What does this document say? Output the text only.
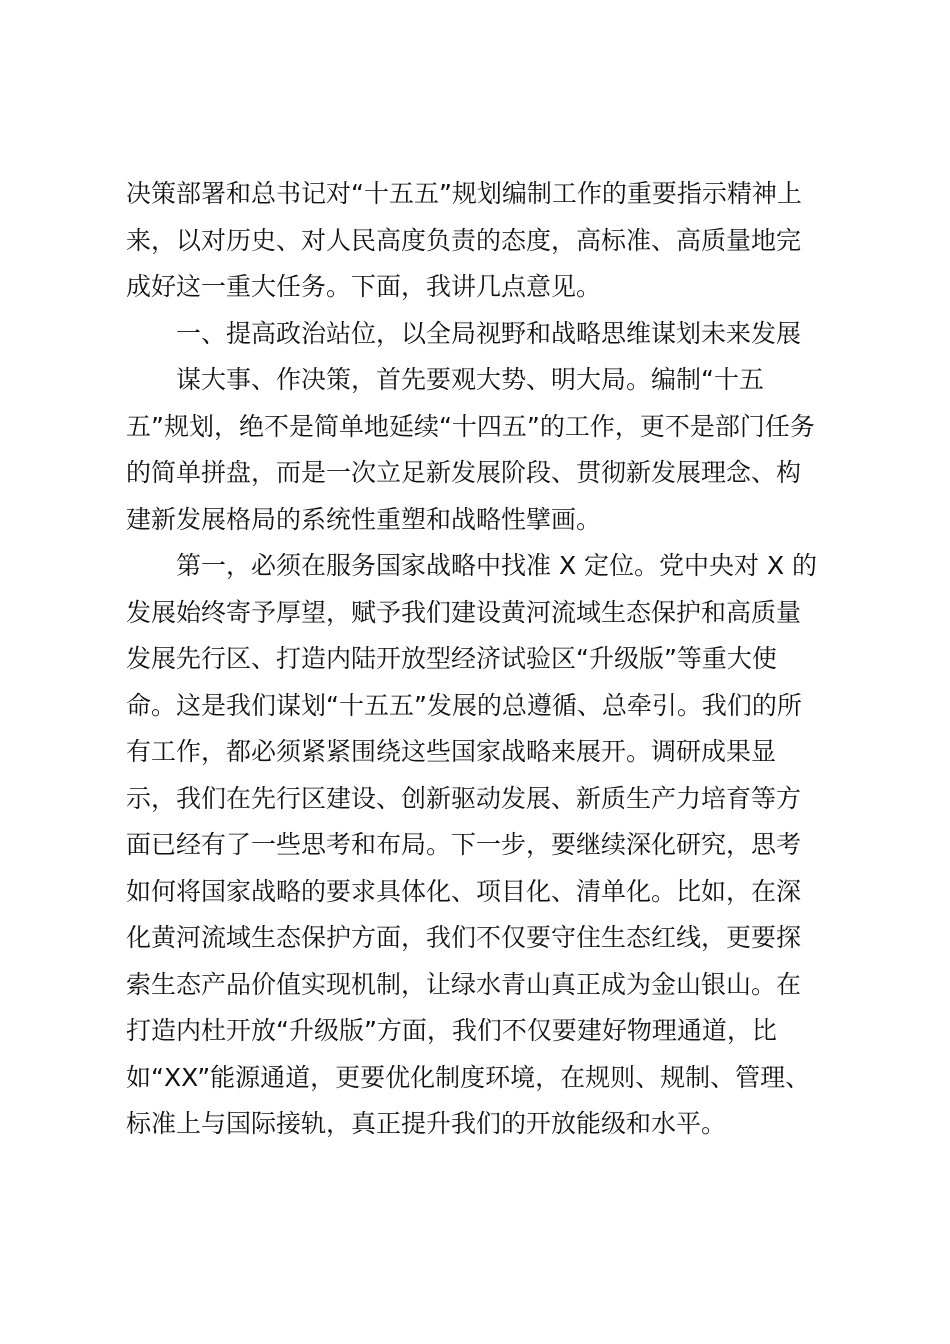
决策部署和总书记对“十五五”规划编制工作的重要指示精神上
来，以对历史、对人民高度负责的态度，高标准、高质量地完
成好这一重大任务。下面，我讲几点意见。
一、提高政治站位，以全局视野和战略思维谋划未来发展
谋大事、作决策，首先要观大势、明大局。编制“十五
五”规划，绝不是简单地延续“十四五”的工作，更不是部门任务
的简单拼盘，而是一次立足新发展阶段、贯彻新发展理念、构
建新发展格局的系统性重塑和战略性擘画。
第一，必须在服务国家战略中找准 X 定位。党中央对 X 的
发展始终寄予厚望，赋予我们建设黄河流域生态保护和高质量
发展先行区、打造内陆开放型经济试验区“升级版”等重大使
命。这是我们谋划“十五五”发展的总遵循、总牵引。我们的所
有工作，都必须紧紧围绕这些国家战略来展开。调研成果显
示，我们在先行区建设、创新驱动发展、新质生产力培育等方
面已经有了一些思考和布局。下一步，要继续深化研究，思考
如何将国家战略的要求具体化、项目化、清单化。比如，在深
化黄河流域生态保护方面，我们不仅要守住生态红线，更要探
索生态产品价值实现机制，让绿水青山真正成为金山银山。在
打造内杜开放“升级版”方面，我们不仅要建好物理通道，比
如“XX”能源通道，更要优化制度环境，在规则、规制、管理、
标准上与国际接轨，真正提升我们的开放能级和水平。
